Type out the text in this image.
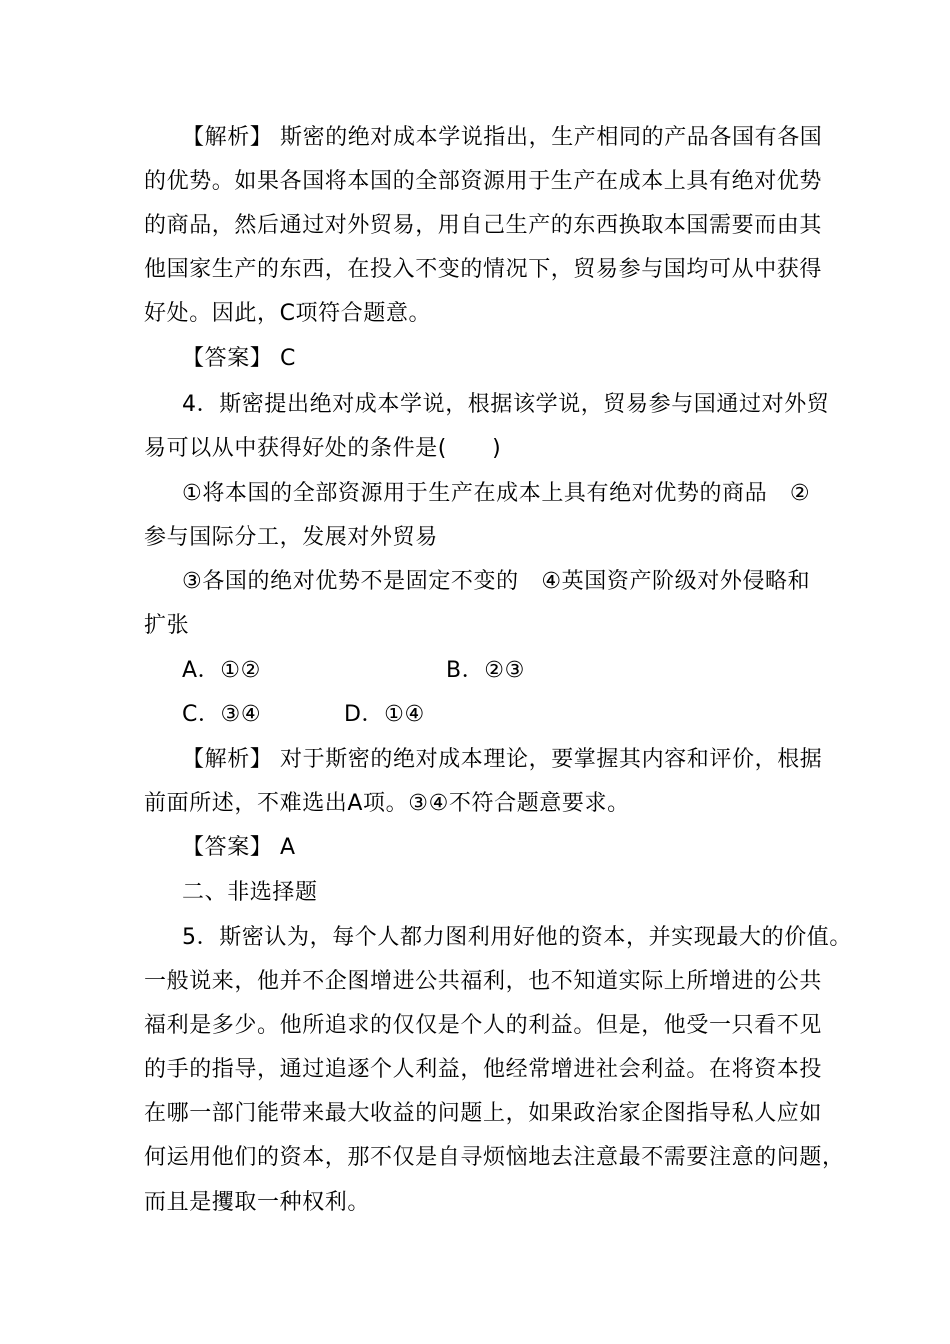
【解析】 斯密的绝对成本学说指出，生产相同的产品各国有各国
的优势。如果各国将本国的全部资源用于生产在成本上具有绝对优势
的商品，然后通过对外贸易，用自己生产的东西换取本国需要而由其
他国家生产的东西，在投入不变的情况下，贸易参与国均可从中获得
好处。因此，C项符合题意。
【答案】 C
4．斯密提出绝对成本学说，根据该学说，贸易参与国通过对外贸
易可以从中获得好处的条件是(　　)
①将本国的全部资源用于生产在成本上具有绝对优势的商品　②
参与国际分工，发展对外贸易
③各国的绝对优势不是固定不变的　④英国资产阶级对外侵略和
扩张
A．①②	B．②③
C．③④	D．①④
【解析】 对于斯密的绝对成本理论，要掌握其内容和评价，根据
前面所述，不难选出A项。③④不符合题意要求。
【答案】 A
二、非选择题
5．斯密认为，每个人都力图利用好他的资本，并实现最大的价值。
一般说来，他并不企图增进公共福利，也不知道实际上所增进的公共
福利是多少。他所追求的仅仅是个人的利益。但是，他受一只看不见
的手的指导，通过追逐个人利益，他经常增进社会利益。在将资本投
在哪一部门能带来最大收益的问题上，如果政治家企图指导私人应如
何运用他们的资本，那不仅是自寻烦恼地去注意最不需要注意的问题，
而且是攫取一种权利。
